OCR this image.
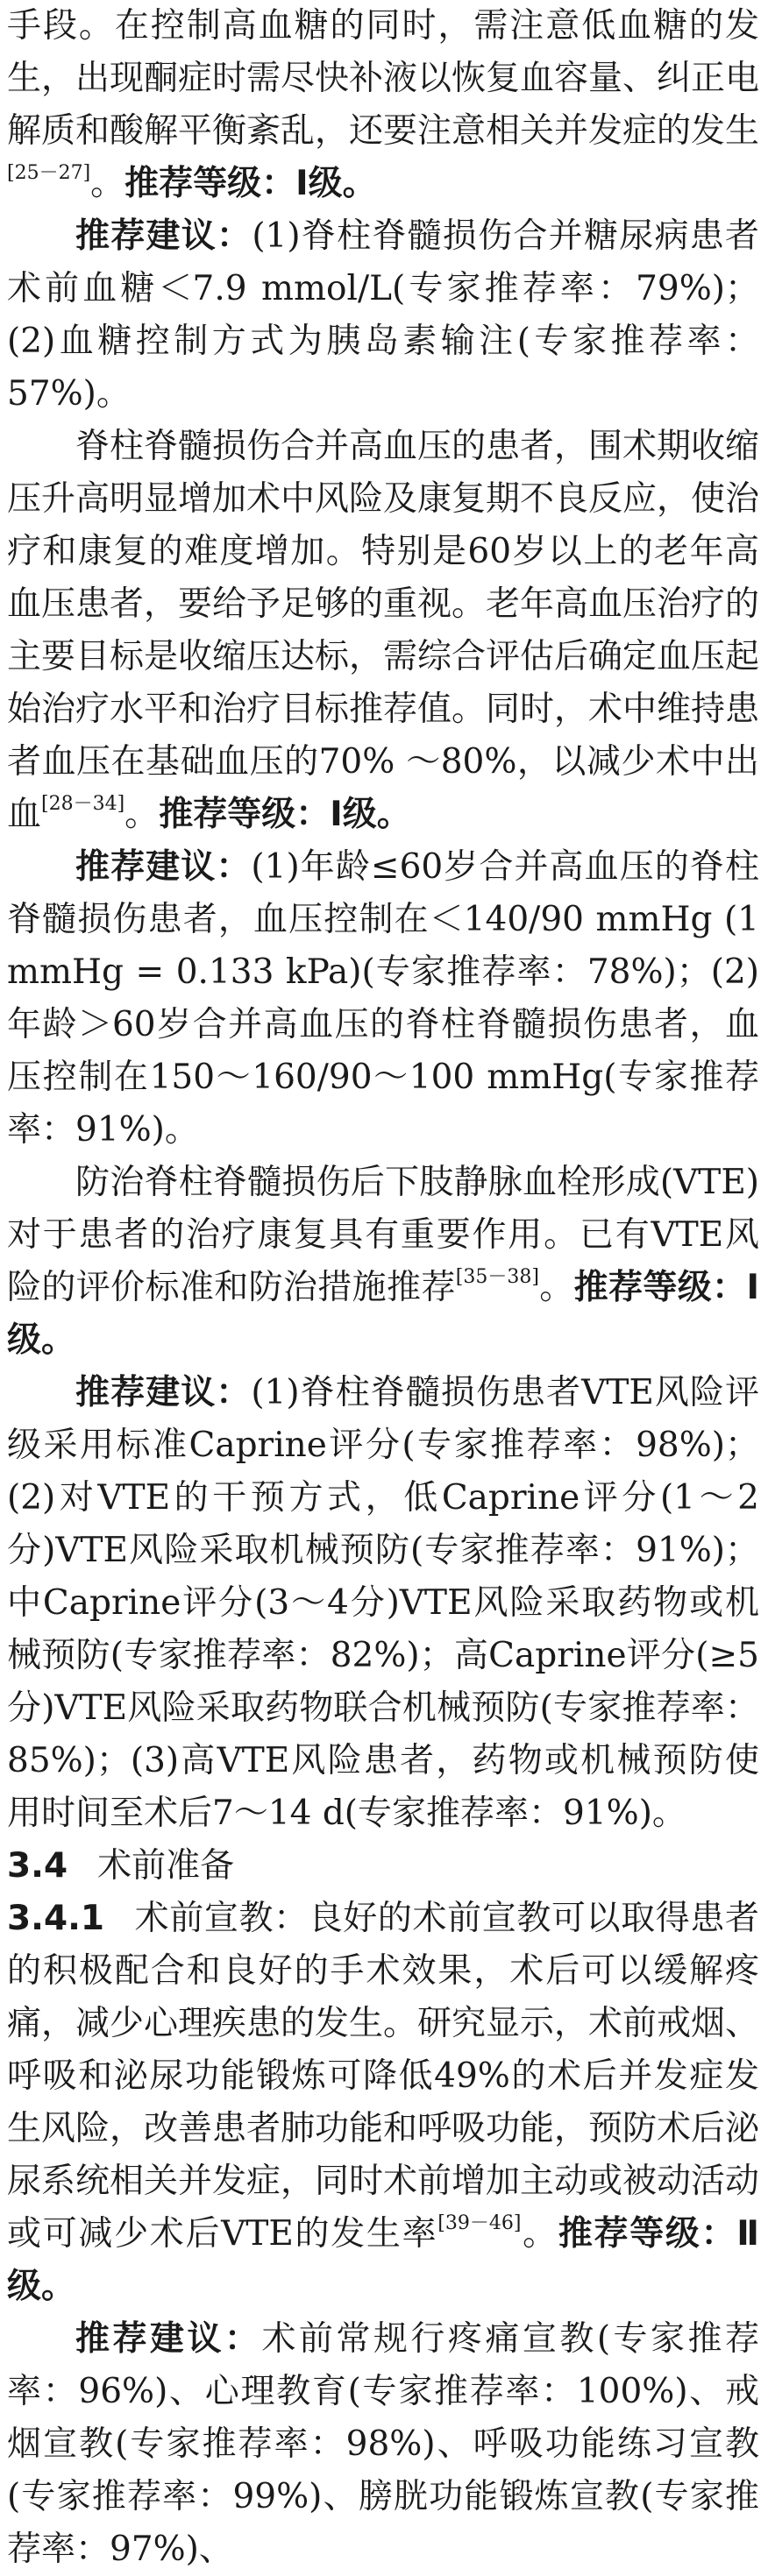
手段。在控制高血糖的同时，需注意低血糖的发生，出现酮症时需尽快补液以恢复血容量、纠正电解质和酸解平衡紊乱，还要注意相关并发症的发生[25－27]。推荐等级：Ⅰ级。

推荐建议：(1)脊柱脊髓损伤合并糖尿病患者术前血糖＜7.9 mmol/L(专家推荐率：79%)；(2)血糖控制方式为胰岛素输注(专家推荐率：57%)。

脊柱脊髓损伤合并高血压的患者，围术期收缩压升高明显增加术中风险及康复期不良反应，使治疗和康复的难度增加。特别是60岁以上的老年高血压患者，要给予足够的重视。老年高血压治疗的主要目标是收缩压达标，需综合评估后确定血压起始治疗水平和治疗目标推荐值。同时，术中维持患者血压在基础血压的70% ～80%，以减少术中出血[28－34]。推荐等级：Ⅰ级。

推荐建议：(1)年龄≤60岁合并高血压的脊柱脊髓损伤患者，血压控制在＜140/90 mmHg (1 mmHg = 0.133 kPa)(专家推荐率：78%)；(2)年龄＞60岁合并高血压的脊柱脊髓损伤患者，血压控制在150～160/90～100 mmHg(专家推荐率：91%)。

防治脊柱脊髓损伤后下肢静脉血栓形成(VTE)对于患者的治疗康复具有重要作用。已有VTE风险的评价标准和防治措施推荐[35－38]。推荐等级：Ⅰ级。

推荐建议：(1)脊柱脊髓损伤患者VTE风险评级采用标准Caprine评分(专家推荐率：98%)；(2)对VTE的干预方式，低Caprine评分(1～2分)VTE风险采取机械预防(专家推荐率：91%)；中Caprine评分(3～4分)VTE风险采取药物或机械预防(专家推荐率：82%)；高Caprine评分(≥5分)VTE风险采取药物联合机械预防(专家推荐率：85%)；(3)高VTE风险患者，药物或机械预防使用时间至术后7～14 d(专家推荐率：91%)。

3.4 术前准备

3.4.1 术前宣教：良好的术前宣教可以取得患者的积极配合和良好的手术效果，术后可以缓解疼痛，减少心理疾患的发生。研究显示，术前戒烟、呼吸和泌尿功能锻炼可降低49%的术后并发症发生风险，改善患者肺功能和呼吸功能，预防术后泌尿系统相关并发症，同时术前增加主动或被动活动或可减少术后VTE的发生率[39－46]。推荐等级：Ⅱ级。

推荐建议：术前常规行疼痛宣教(专家推荐率：96%)、心理教育(专家推荐率：100%)、戒烟宣教(专家推荐率：98%)、呼吸功能练习宣教(专家推荐率：99%)、膀胱功能锻炼宣教(专家推荐率：97%)、
